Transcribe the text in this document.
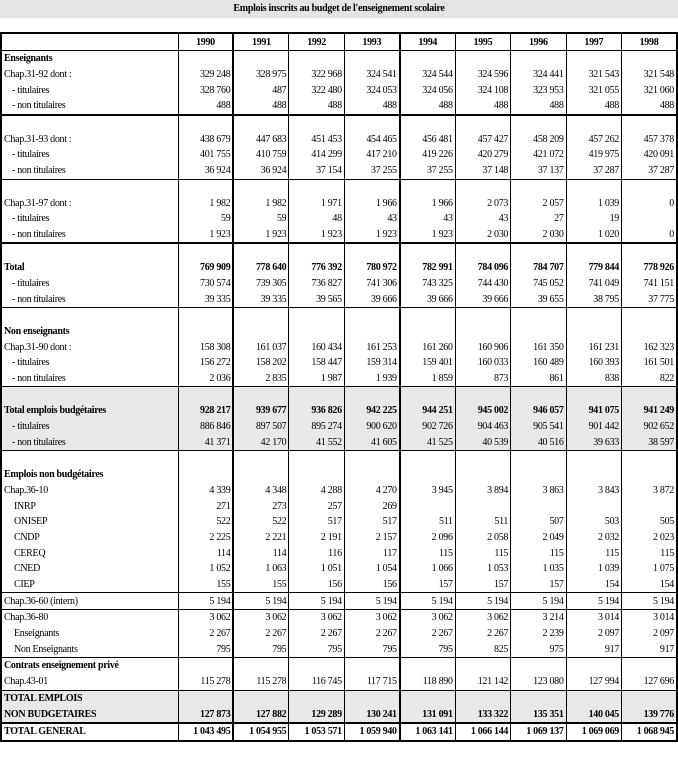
Emplois inscrits au budget de l'enseignement scolaire
	1990	1991	1992	1993	1994	1995	1996	1997	1998
Enseignants									
Chap.31-92 dont :	329 248	328 975	322 968	324 541	324 544	324 596	324 441	321 543	321 548
- titulaires	328 760	487	322 480	324 053	324 056	324 108	323 953	321 055	321 060
- non titulaires	488	488	488	488	488	488	488	488	488

Chap.31-93 dont :	438 679	447 683	451 453	454 465	456 481	457 427	458 209	457 262	457 378
- titulaires	401 755	410 759	414 299	417 210	419 226	420 279	421 072	419 975	420 091
- non titulaires	36 924	36 924	37 154	37 255	37 255	37 148	37 137	37 287	37 287

Chap.31-97 dont :	1 982	1 982	1 971	1 966	1 966	2 073	2 057	1 039	0
- titulaires	59	59	48	43	43	43	27	19	
- non titulaires	1 923	1 923	1 923	1 923	1 923	2 030	2 030	1 020	0

Total	769 909	778 640	776 392	780 972	782 991	784 096	784 707	779 844	778 926
- titulaires	730 574	739 305	736 827	741 306	743 325	744 430	745 052	741 049	741 151
- non titulaires	39 335	39 335	39 565	39 666	39 666	39 666	39 655	38 795	37 775

Non enseignants									
Chap.31-90 dont :	158 308	161 037	160 434	161 253	161 260	160 906	161 350	161 231	162 323
- titulaires	156 272	158 202	158 447	159 314	159 401	160 033	160 489	160 393	161 501
- non titulaires	2 036	2 835	1 987	1 939	1 859	873	861	838	822

Total emplois budgétaires	928 217	939 677	936 826	942 225	944 251	945 002	946 057	941 075	941 249
- titulaires	886 846	897 507	895 274	900 620	902 726	904 463	905 541	901 442	902 652
- non titulaires	41 371	42 170	41 552	41 605	41 525	40 539	40 516	39 633	38 597

Emplois non budgétaires									
Chap.36-10	4 339	4 348	4 288	4 270	3 945	3 894	3 863	3 843	3 872
INRP	271	273	257	269					
ONISEP	522	522	517	517	511	511	507	503	505
CNDP	2 225	2 221	2 191	2 157	2 096	2 058	2 049	2 032	2 023
CEREQ	114	114	116	117	115	115	115	115	115
CNED	1 052	1 063	1 051	1 054	1 066	1 053	1 035	1 039	1 075
CIEP	155	155	156	156	157	157	157	154	154
Chap.36-60 (intern)	5 194	5 194	5 194	5 194	5 194	5 194	5 194	5 194	5 194
Chap.36-80	3 062	3 062	3 062	3 062	3 062	3 062	3 214	3 014	3 014
Enseignants	2 267	2 267	2 267	2 267	2 267	2 267	2 239	2 097	2 097
Non Enseignants	795	795	795	795	795	825	975	917	917
Contrats enseignement privé									
Chap.43-01	115 278	115 278	116 745	117 715	118 890	121 142	123 080	127 994	127 696
TOTAL EMPLOIS									
NON BUDGETAIRES	127 873	127 882	129 289	130 241	131 091	133 322	135 351	140 045	139 776
TOTAL GENERAL	1 043 495	1 054 955	1 053 571	1 059 940	1 063 141	1 066 144	1 069 137	1 069 069	1 068 945
